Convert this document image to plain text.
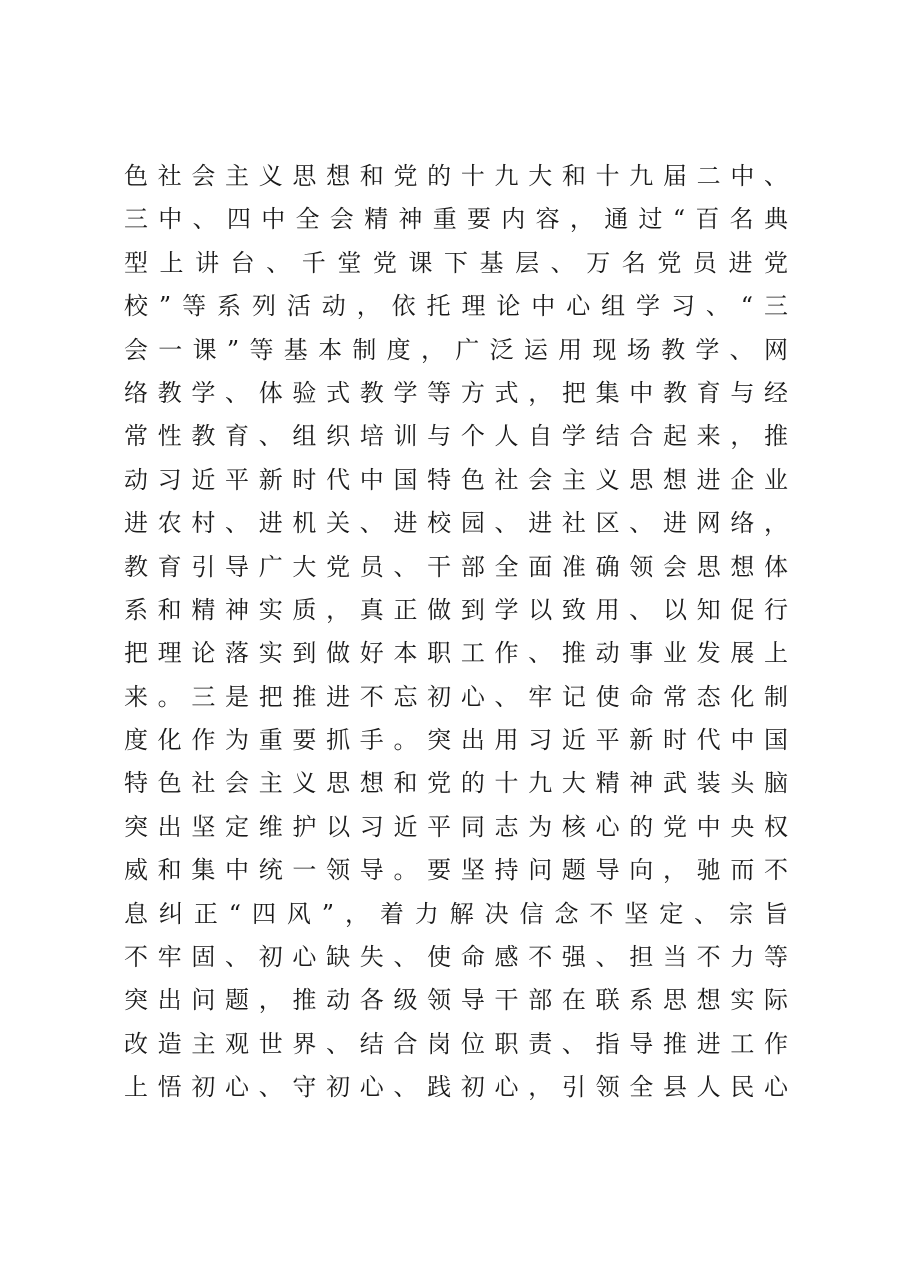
色社会主义思想和党的十九大和十九届二中、
三中、四中全会精神重要内容，通过“百名典
型上讲台、千堂党课下基层、万名党员进党
校”等系列活动，依托理论中心组学习、“三
会一课”等基本制度，广泛运用现场教学、网
络教学、体验式教学等方式，把集中教育与经
常性教育、组织培训与个人自学结合起来，推
动习近平新时代中国特色社会主义思想进企业
进农村、进机关、进校园、进社区、进网络，
教育引导广大党员、干部全面准确领会思想体
系和精神实质，真正做到学以致用、以知促行
把理论落实到做好本职工作、推动事业发展上
来。三是把推进不忘初心、牢记使命常态化制
度化作为重要抓手。突出用习近平新时代中国
特色社会主义思想和党的十九大精神武装头脑
突出坚定维护以习近平同志为核心的党中央权
威和集中统一领导。要坚持问题导向，驰而不
息纠正“四风”，着力解决信念不坚定、宗旨
不牢固、初心缺失、使命感不强、担当不力等
突出问题，推动各级领导干部在联系思想实际
改造主观世界、结合岗位职责、指导推进工作
上悟初心、守初心、践初心，引领全县人民心
